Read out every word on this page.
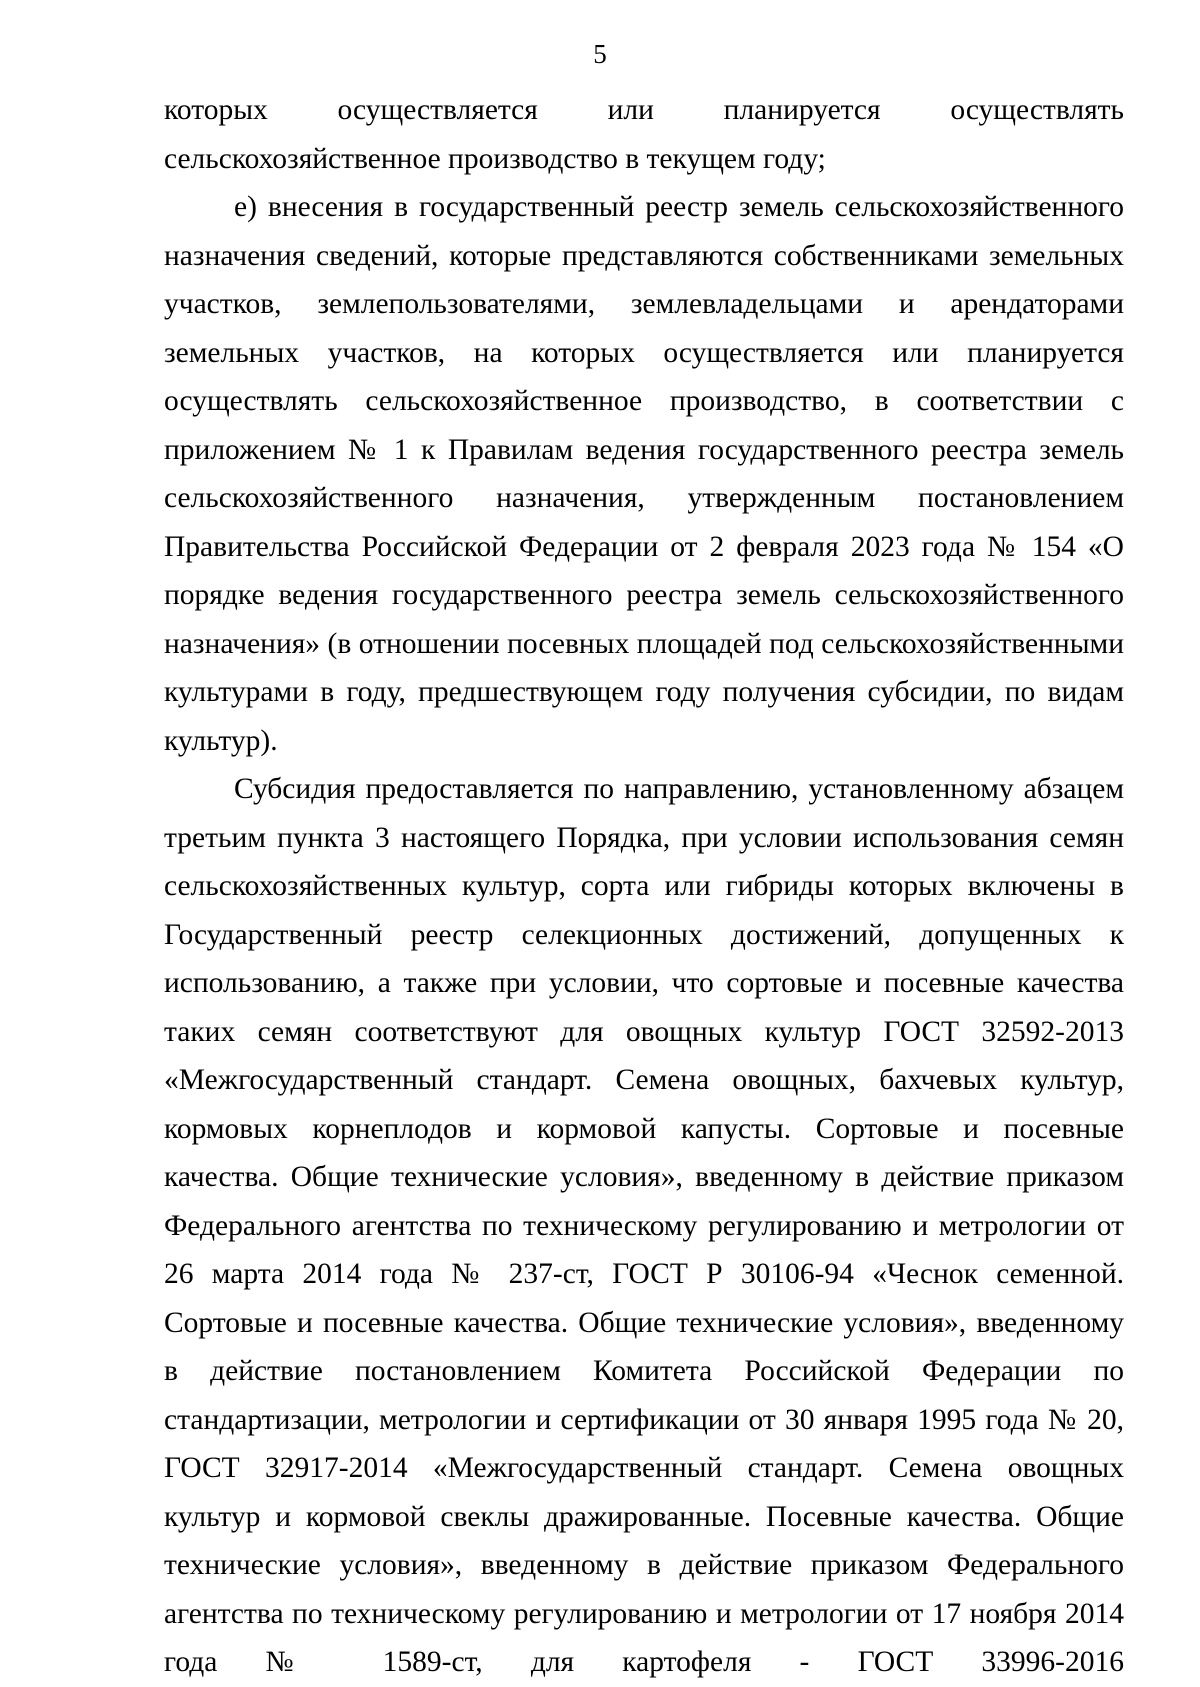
5

которых осуществляется или планируется осуществлять сельскохозяйственное производство в текущем году;

е) внесения в государственный реестр земель сельскохозяйственного назначения сведений, которые представляются собственниками земельных участков, землепользователями, землевладельцами и арендаторами земельных участков, на которых осуществляется или планируется осуществлять сельскохозяйственное производство, в соответствии с приложением № 1 к Правилам ведения государственного реестра земель сельскохозяйственного назначения, утвержденным постановлением Правительства Российской Федерации от 2 февраля 2023 года № 154 «О порядке ведения государственного реестра земель сельскохозяйственного назначения» (в отношении посевных площадей под сельскохозяйственными культурами в году, предшествующем году получения субсидии, по видам культур).

Субсидия предоставляется по направлению, установленному абзацем третьим пункта 3 настоящего Порядка, при условии использования семян сельскохозяйственных культур, сорта или гибриды которых включены в Государственный реестр селекционных достижений, допущенных к использованию, а также при условии, что сортовые и посевные качества таких семян соответствуют для овощных культур ГОСТ 32592-2013 «Межгосударственный стандарт. Семена овощных, бахчевых культур, кормовых корнеплодов и кормовой капусты. Сортовые и посевные качества. Общие технические условия», введенному в действие приказом Федерального агентства по техническому регулированию и метрологии от 26 марта 2014 года № 237-ст, ГОСТ Р 30106-94 «Чеснок семенной. Сортовые и посевные качества. Общие технические условия», введенному в действие постановлением Комитета Российской Федерации по стандартизации, метрологии и сертификации от 30 января 1995 года № 20, ГОСТ 32917-2014 «Межгосударственный стандарт. Семена овощных культур и кормовой свеклы дражированные. Посевные качества. Общие технические условия», введенному в действие приказом Федерального агентства по техническому регулированию и метрологии от 17 ноября 2014 года № 1589-ст, для картофеля - ГОСТ 33996-2016
